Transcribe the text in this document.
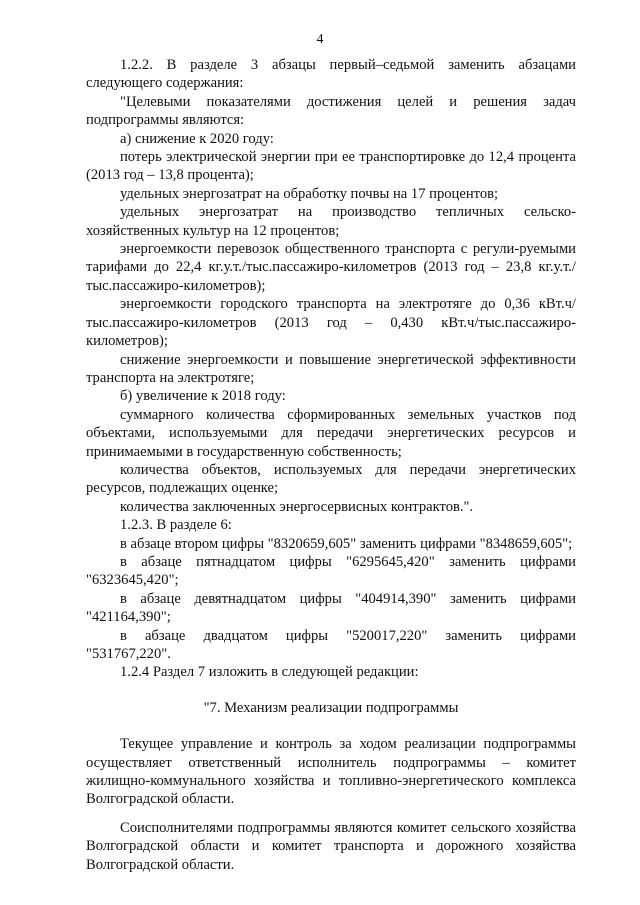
4

1.2.2. В разделе 3 абзацы первый–седьмой заменить абзацами следующего содержания:

"Целевыми показателями достижения целей и решения задач подпрограммы являются:

а) снижение к 2020 году:

потерь электрической энергии при ее транспортировке до 12,4 процента (2013 год – 13,8 процента);

удельных энергозатрат на обработку почвы на 17 процентов;

удельных энергозатрат на производство тепличных сельско-хозяйственных культур на 12 процентов;

энергоемкости перевозок общественного транспорта с регули-руемыми тарифами до 22,4 кг.у.т./тыс.пассажиро-километров (2013 год – 23,8 кг.у.т./тыс.пассажиро-километров);

энергоемкости городского транспорта на электротяге до 0,36 кВт.ч/тыс.пассажиро-километров (2013 год – 0,430 кВт.ч/тыс.пассажиро-километров);

снижение энергоемкости и повышение энергетической эффективности транспорта на электротяге;

б) увеличение к 2018 году:

суммарного количества сформированных земельных участков под объектами, используемыми для передачи энергетических ресурсов и принимаемыми в государственную собственность;

количества объектов, используемых для передачи энергетических ресурсов, подлежащих оценке;

количества заключенных энергосервисных контрактов.".

1.2.3. В разделе 6:

в абзаце втором цифры "8320659,605" заменить цифрами "8348659,605";

в абзаце пятнадцатом цифры "6295645,420" заменить цифрами "6323645,420";

в абзаце девятнадцатом цифры "404914,390" заменить цифрами "421164,390";

в абзаце двадцатом цифры "520017,220" заменить цифрами "531767,220".

1.2.4 Раздел 7 изложить в следующей редакции:

"7. Механизм реализации подпрограммы

Текущее управление и контроль за ходом реализации подпрограммы осуществляет ответственный исполнитель подпрограммы – комитет жилищно-коммунального хозяйства и топливно-энергетического комплекса Волгоградской области.

Соисполнителями подпрограммы являются комитет сельского хозяйства Волгоградской области и комитет транспорта и дорожного хозяйства Волгоградской области.
